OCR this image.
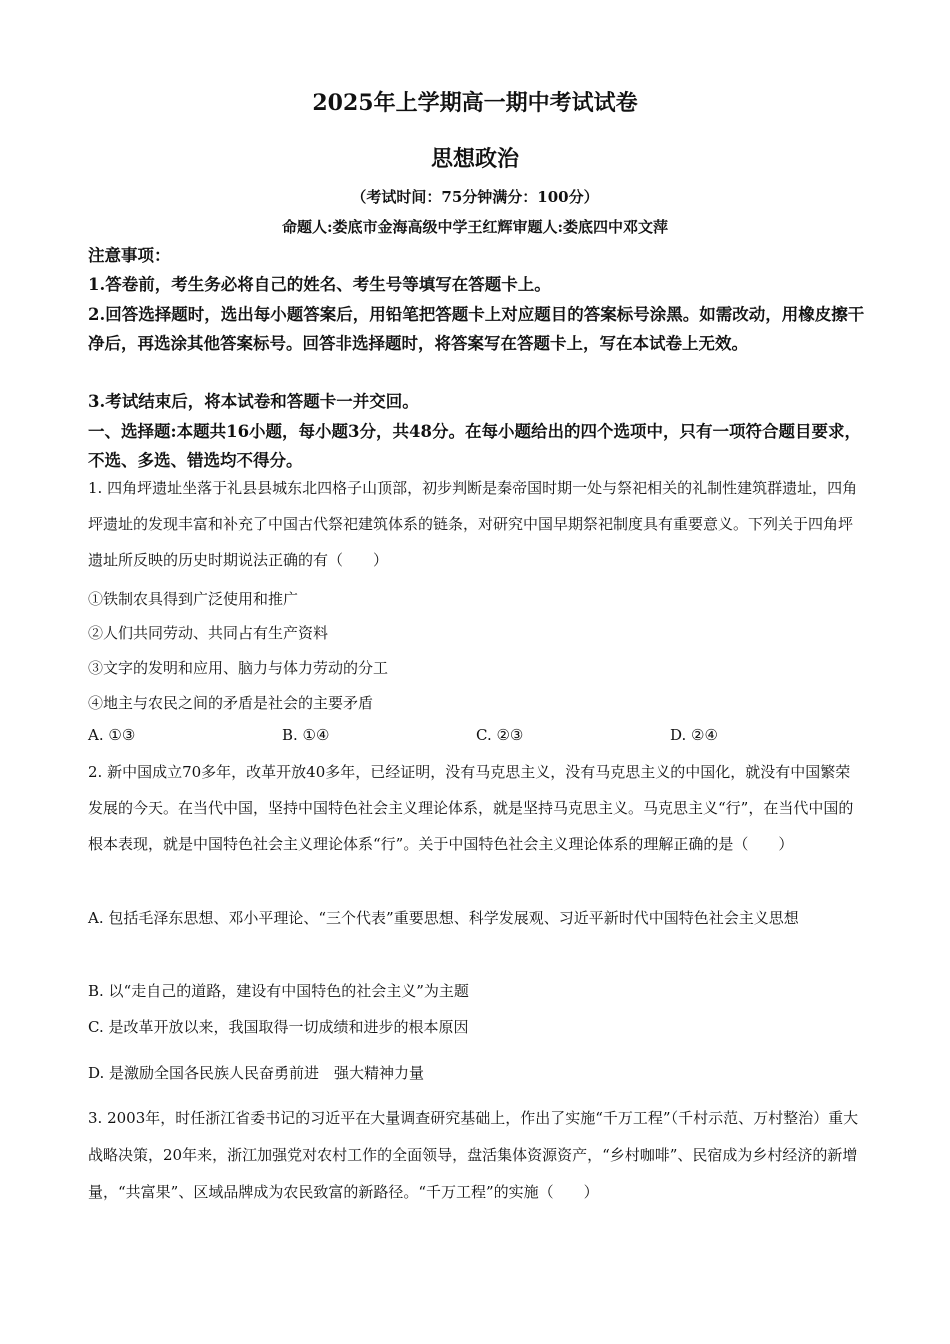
2025年上学期高一期中考试试卷
思想政治
（考试时间：75分钟满分：100分）
命题人:娄底市金海高级中学王红辉审题人:娄底四中邓文萍
注意事项：
1.答卷前，考生务必将自己的姓名、考生号等填写在答题卡上。
2.回答选择题时，选出每小题答案后，用铅笔把答题卡上对应题目的答案标号涂黑。如需改动，用橡皮擦干净后，再选涂其他答案标号。回答非选择题时，将答案写在答题卡上，写在本试卷上无效。
3.考试结束后，将本试卷和答题卡一并交回。
一、选择题:本题共16小题，每小题3分，共48分。在每小题给出的四个选项中，只有一项符合题目要求，不选、多选、错选均不得分。
1. 四角坪遗址坐落于礼县县城东北四格子山顶部，初步判断是秦帝国时期一处与祭祀相关的礼制性建筑群遗址，四角坪遗址的发现丰富和补充了中国古代祭祀建筑体系的链条，对研究中国早期祭祀制度具有重要意义。下列关于四角坪遗址所反映的历史时期说法正确的有（　　）
①铁制农具得到广泛使用和推广
②人们共同劳动、共同占有生产资料
③文字的发明和应用、脑力与体力劳动的分工
④地主与农民之间的矛盾是社会的主要矛盾
A. ①③	B. ①④	C. ②③	D. ②④
2. 新中国成立70多年，改革开放40多年，已经证明，没有马克思主义，没有马克思主义的中国化，就没有中国繁荣发展的今天。在当代中国，坚持中国特色社会主义理论体系，就是坚持马克思主义。马克思主义“行”，在当代中国的根本表现，就是中国特色社会主义理论体系“行”。关于中国特色社会主义理论体系的理解正确的是（　　）
A. 包括毛泽东思想、邓小平理论、“三个代表”重要思想、科学发展观、习近平新时代中国特色社会主义思想
B. 以“走自己的道路，建设有中国特色的社会主义”为主题
C. 是改革开放以来，我国取得一切成绩和进步的根本原因
D. 是激励全国各民族人民奋勇前进　强大精神力量
3. 2003年，时任浙江省委书记的习近平在大量调查研究基础上，作出了实施“千万工程”（千村示范、万村整治）重大战略决策，20年来，浙江加强党对农村工作的全面领导，盘活集体资源资产，“乡村咖啡”、民宿成为乡村经济的新增量，“共富果”、区域品牌成为农民致富的新路径。“千万工程”的实施（　　）
